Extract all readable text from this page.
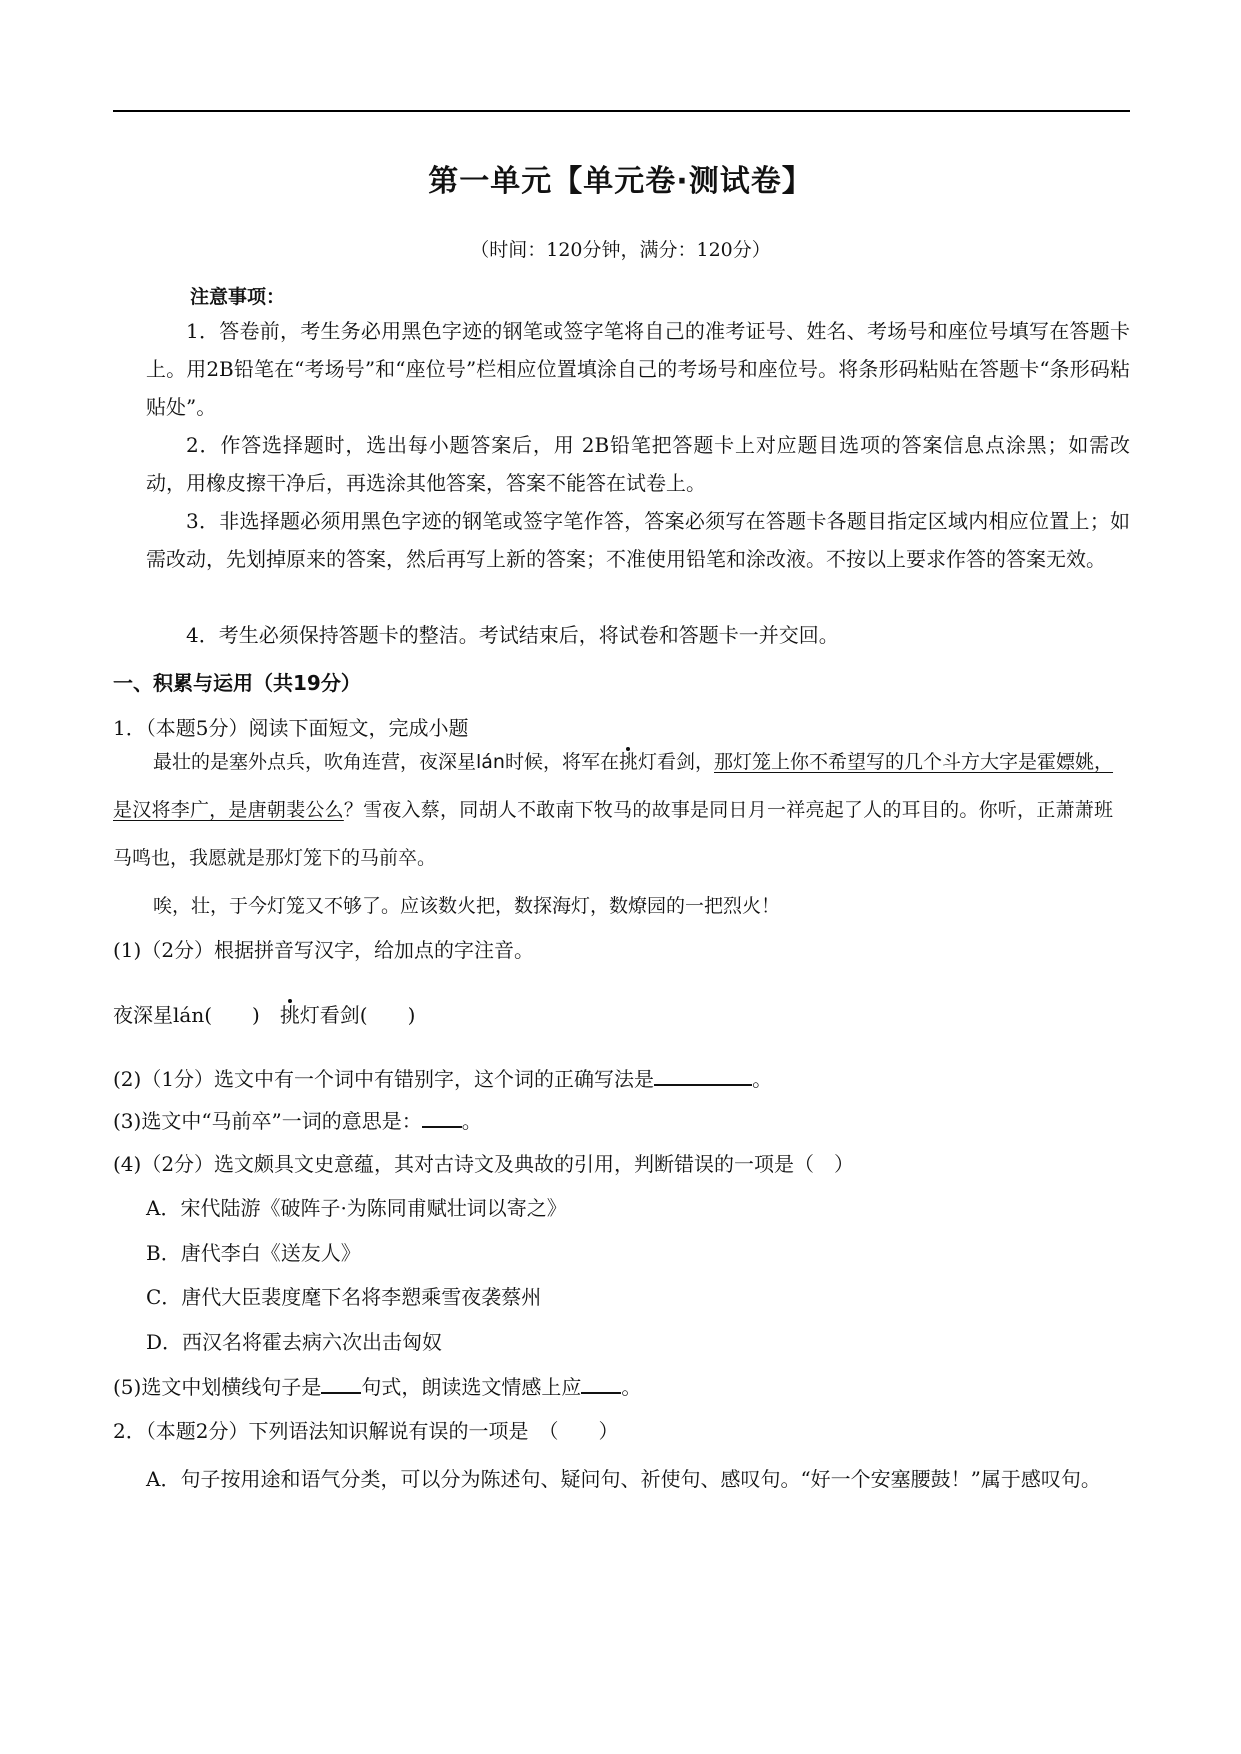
第一单元【单元卷·测试卷】
（时间：120分钟，满分：120分）
注意事项：
1．答卷前，考生务必用黑色字迹的钢笔或签字笔将自己的准考证号、姓名、考场号和座位号填写在答题卡上。用2B铅笔在“考场号”和“座位号”栏相应位置填涂自己的考场号和座位号。将条形码粘贴在答题卡“条形码粘贴处”。
2．作答选择题时，选出每小题答案后，用 2B铅笔把答题卡上对应题目选项的答案信息点涂黑；如需改动，用橡皮擦干净后，再选涂其他答案，答案不能答在试卷上。
3．非选择题必须用黑色字迹的钢笔或签字笔作答，答案必须写在答题卡各题目指定区域内相应位置上；如需改动，先划掉原来的答案，然后再写上新的答案；不准使用铅笔和涂改液。不按以上要求作答的答案无效。
4．考生必须保持答题卡的整洁。考试结束后，将试卷和答题卡一并交回。
一、积累与运用（共19分）
1．（本题5分）阅读下面短文，完成小题
最壮的是塞外点兵，吹角连营，夜深星lán时候，将军在挑灯看剑，那灯笼上你不希望写的几个斗方大字是霍嫖姚，是汉将李广，是唐朝裴公么？雪夜入蔡，同胡人不敢南下牧马的故事是同日月一祥亮起了人的耳目的。你听，正萧萧班马鸣也，我愿就是那灯笼下的马前卒。
唉，壮，于今灯笼又不够了。应该数火把，数探海灯，数燎园的一把烈火！
(1)（2分）根据拼音写汉字，给加点的字注音。
夜深星lán(　　)　挑灯看剑(　　)
(2)（1分）选文中有一个词中有错别字，这个词的正确写法是	。
(3)选文中“马前卒”一词的意思是： 。
(4)（2分）选文颇具文史意蕴，其对古诗文及典故的引用，判断错误的一项是（　）
A．宋代陆游《破阵子·为陈同甫赋壮词以寄之》
B．唐代李白《送友人》
C．唐代大臣裴度麾下名将李愬乘雪夜袭蔡州
D．西汉名将霍去病六次出击匈奴
(5)选文中划横线句子是 句式，朗读选文情感上应 。
2．（本题2分）下列语法知识解说有误的一项是　（　　）
A．句子按用途和语气分类，可以分为陈述句、疑问句、祈使句、感叹句。“好一个安塞腰鼓！”属于感叹句。
